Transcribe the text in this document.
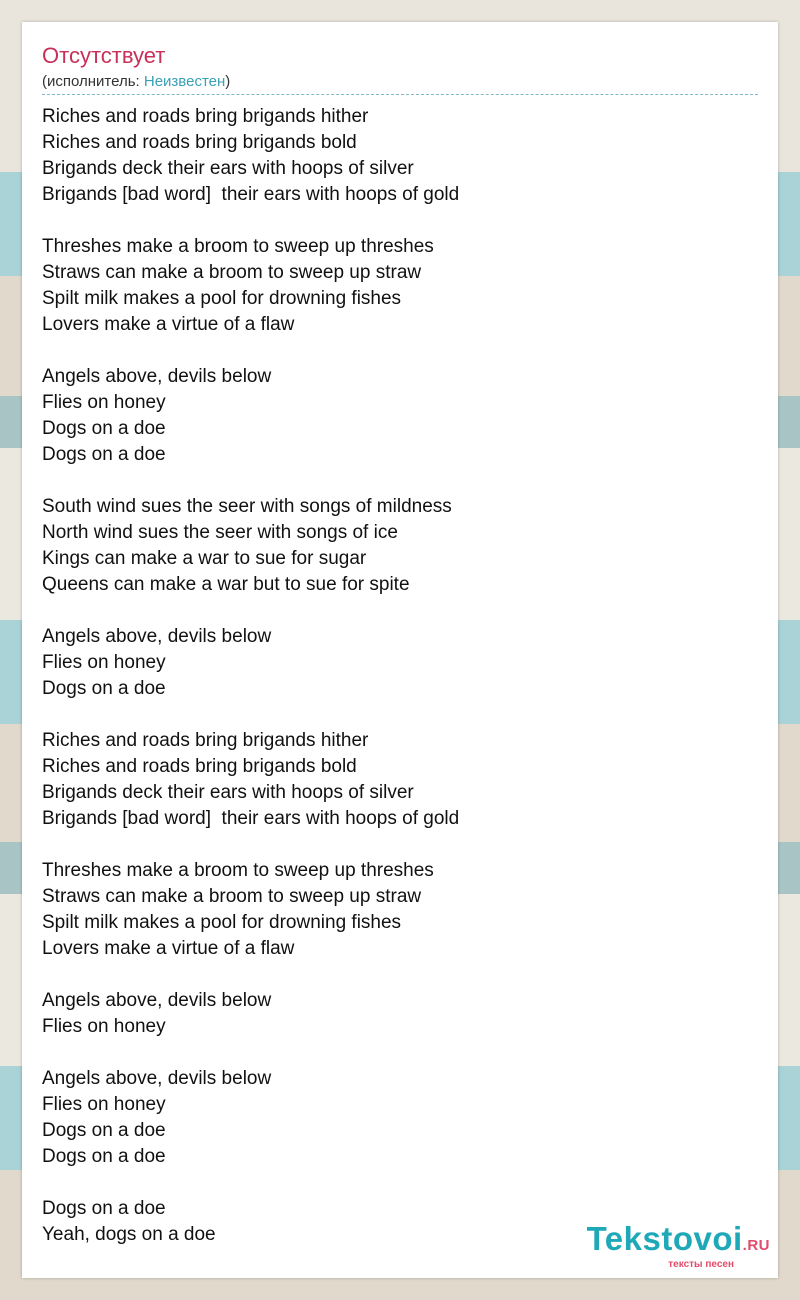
Отсутствует
(исполнитель: Неизвестен)
Riches and roads bring brigands hither
Riches and roads bring brigands bold
Brigands deck their ears with hoops of silver
Brigands [bad word]  their ears with hoops of gold
Threshes make a broom to sweep up threshes
Straws can make a broom to sweep up straw
Spilt milk makes a pool for drowning fishes
Lovers make a virtue of a flaw
Angels above, devils below
Flies on honey
Dogs on a doe
Dogs on a doe
South wind sues the seer with songs of mildness
North wind sues the seer with songs of ice
Kings can make a war to sue for sugar
Queens can make a war but to sue for spite
Angels above, devils below
Flies on honey
Dogs on a doe
Riches and roads bring brigands hither
Riches and roads bring brigands bold
Brigands deck their ears with hoops of silver
Brigands [bad word]  their ears with hoops of gold
Threshes make a broom to sweep up threshes
Straws can make a broom to sweep up straw
Spilt milk makes a pool for drowning fishes
Lovers make a virtue of a flaw
Angels above, devils below
Flies on honey
Angels above, devils below
Flies on honey
Dogs on a doe
Dogs on a doe
Dogs on a doe
Yeah, dogs on a doe	Tekstovoi.RU
тексты песен
